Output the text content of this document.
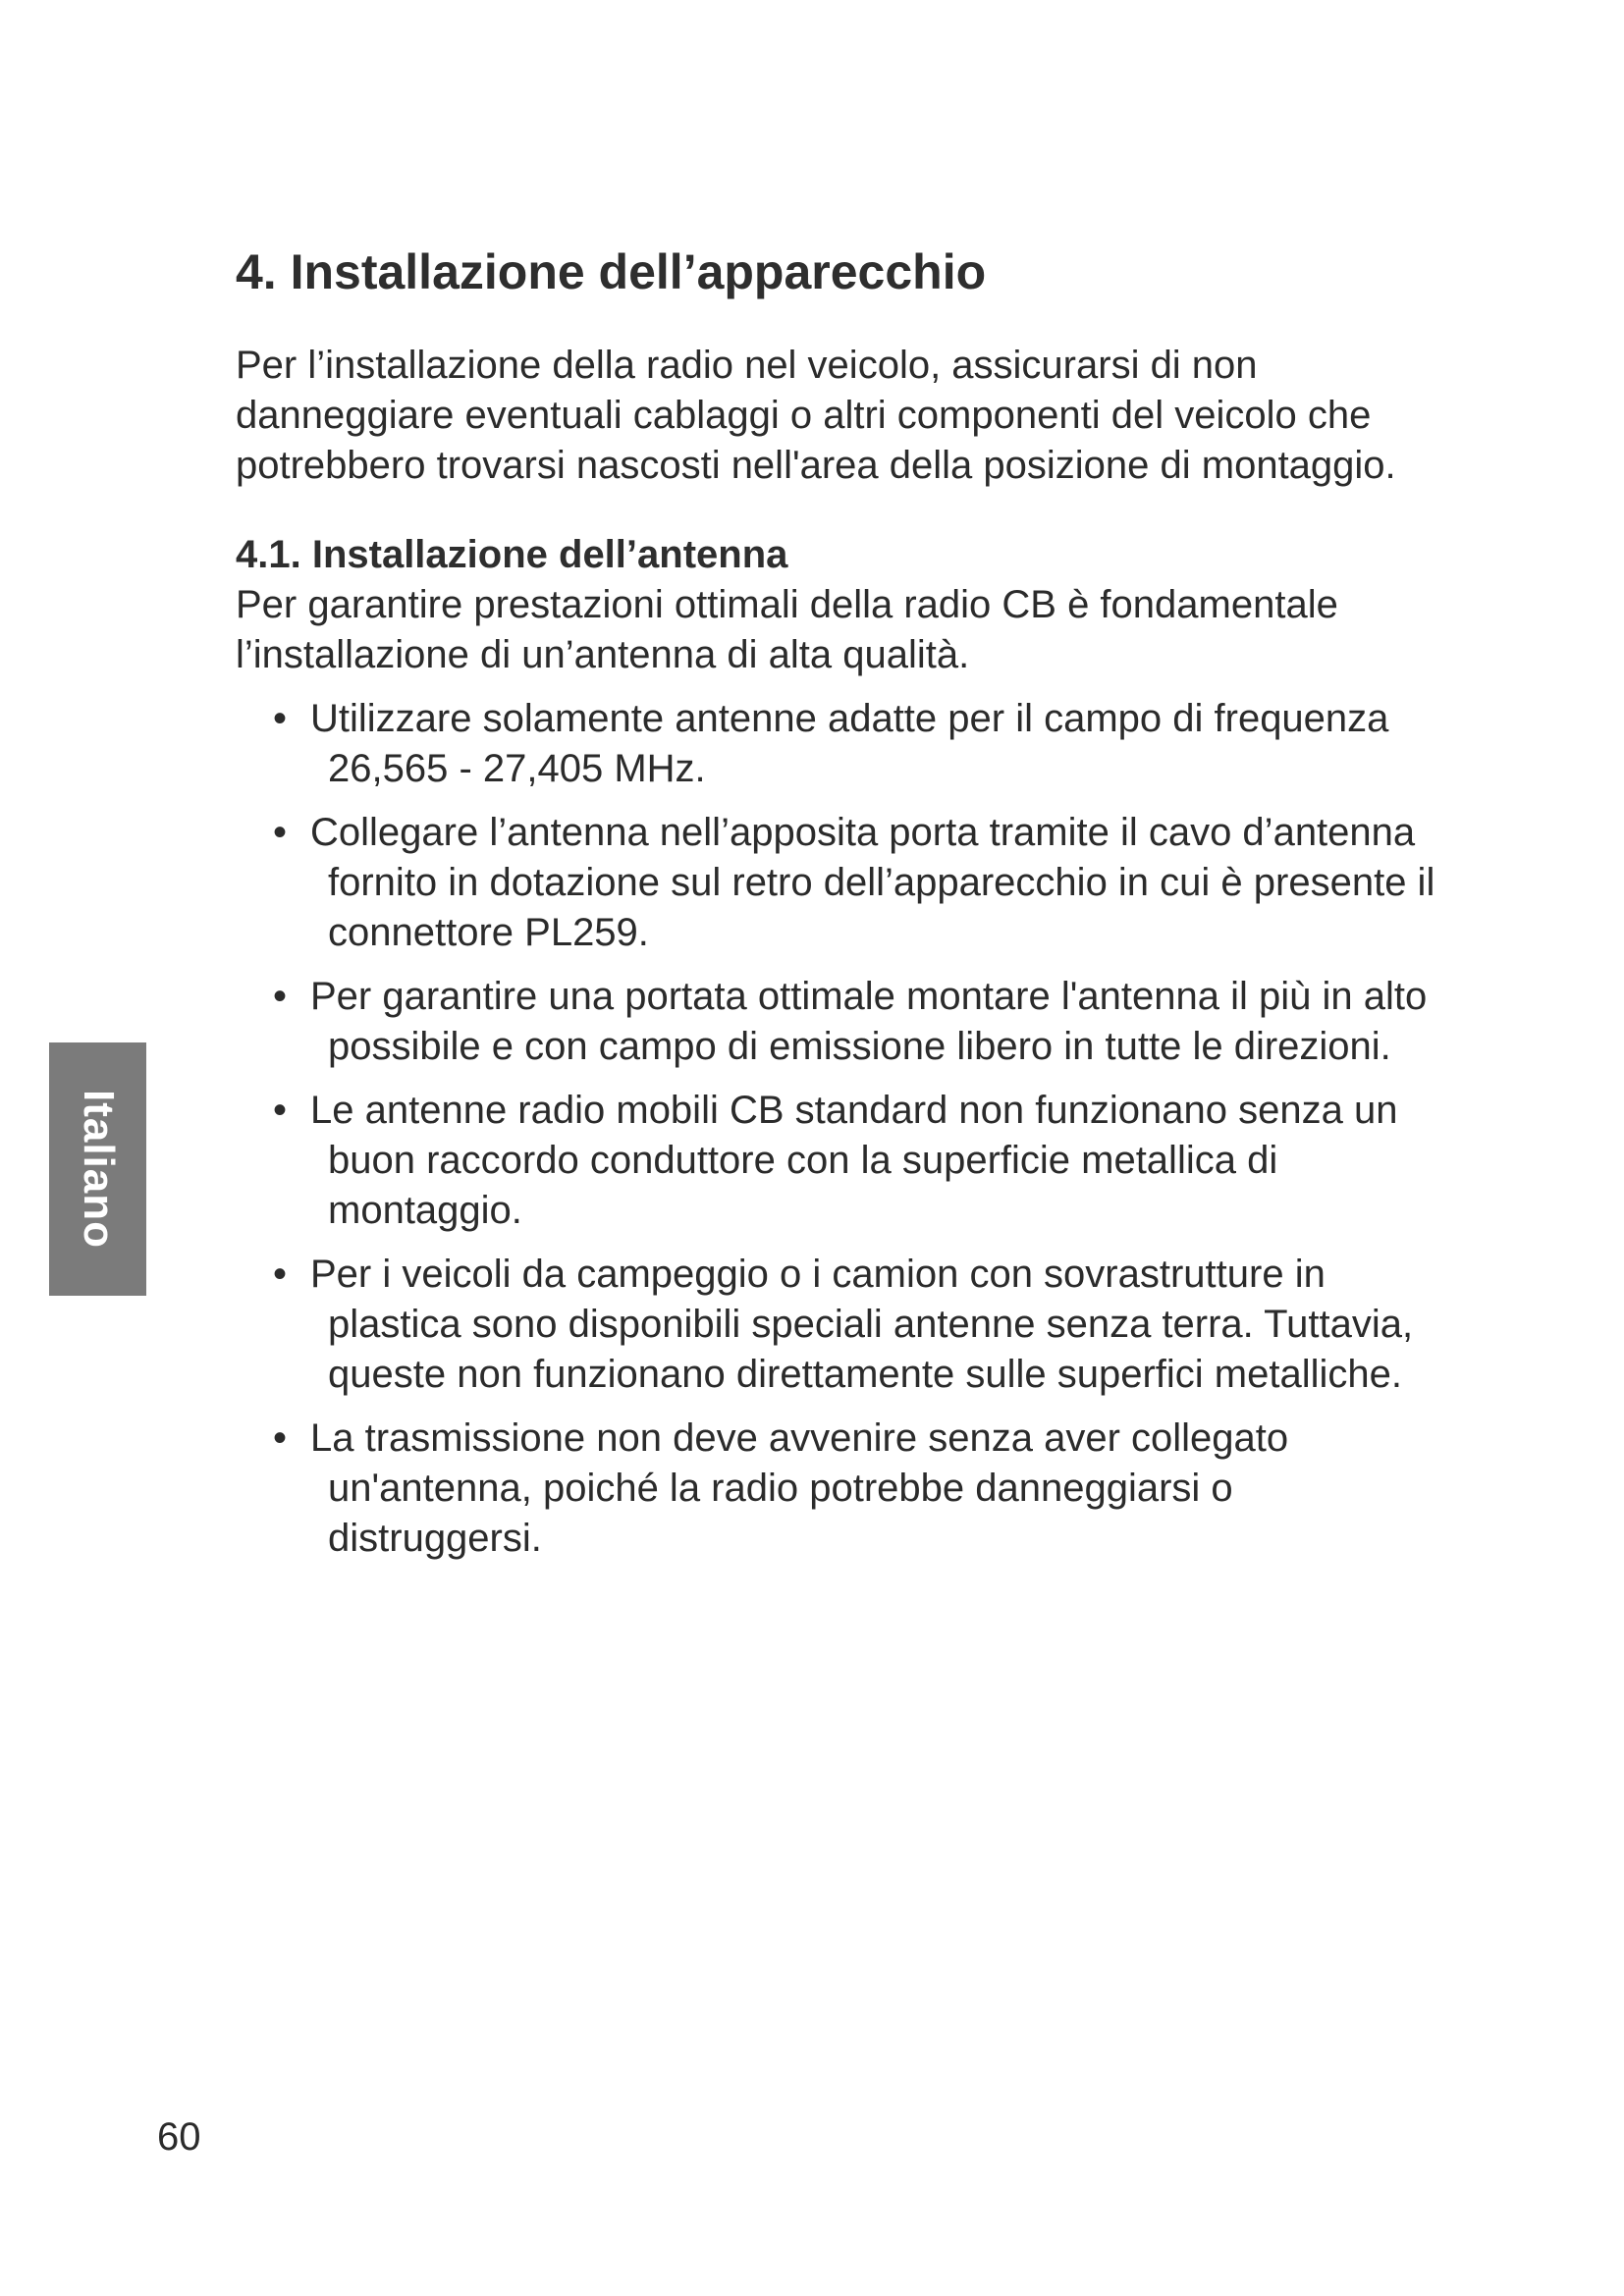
4. Installazione dell’apparecchio

Per l’installazione della radio nel veicolo, assicurarsi di non danneggiare eventuali cablaggi o altri componenti del veicolo che potrebbero trovarsi nascosti nell'area della posizione di montaggio.

4.1. Installazione dell’antenna

Per garantire prestazioni ottimali della radio CB è fondamentale l’installazione di un’antenna di alta qualità.

• Utilizzare solamente antenne adatte per il campo di frequenza 26,565 - 27,405 MHz.
• Collegare l’antenna nell’apposita porta tramite il cavo d’antenna fornito in dotazione sul retro dell’apparecchio in cui è presente il connettore PL259.
• Per garantire una portata ottimale montare l'antenna il più in alto possibile e con campo di emissione libero in tutte le direzioni.
• Le antenne radio mobili CB standard non funzionano senza un buon raccordo conduttore con la superficie metallica di montaggio.
• Per i veicoli da campeggio o i camion con sovrastrutture in plastica sono disponibili speciali antenne senza terra. Tuttavia, queste non funzionano direttamente sulle superfici metalliche.
• La trasmissione non deve avvenire senza aver collegato un'antenna, poiché la radio potrebbe danneggiarsi o distruggersi.
Italiano
60
